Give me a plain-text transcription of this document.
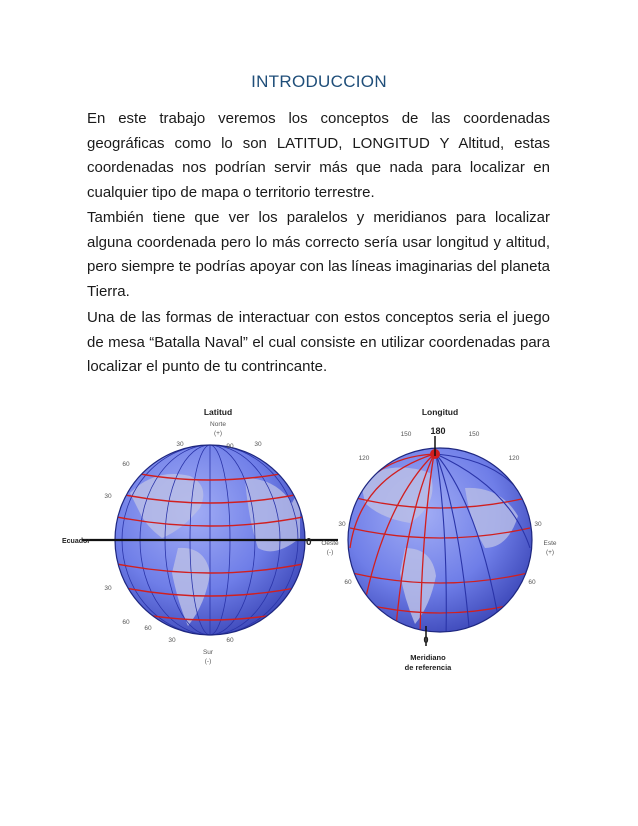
INTRODUCCION

En este trabajo veremos los conceptos de las coordenadas geográficas como lo son LATITUD, LONGITUD Y Altitud, estas coordenadas nos podrían servir más que nada para localizar en cualquier tipo de mapa o territorio terrestre.

También tiene que ver los paralelos y meridianos para localizar alguna coordenada pero lo más correcto sería usar longitud y altitud, pero siempre te podrías apoyar con las líneas imaginarias del planeta Tierra.

Una de las formas de interactuar con estos conceptos seria el juego de mesa “Batalla Naval” el cual consiste en utilizar coordenadas para localizar el punto de tu contrincante.

Latitud
Norte
(+)
30	90	30
60
30
30
60
Ecuador	0
60
30	60
Sur
(-)
Longitud
180
150	150
120	120
30	30
60	60
Oeste
(-)
Este
(+)
0
Meridiano
de referencia
